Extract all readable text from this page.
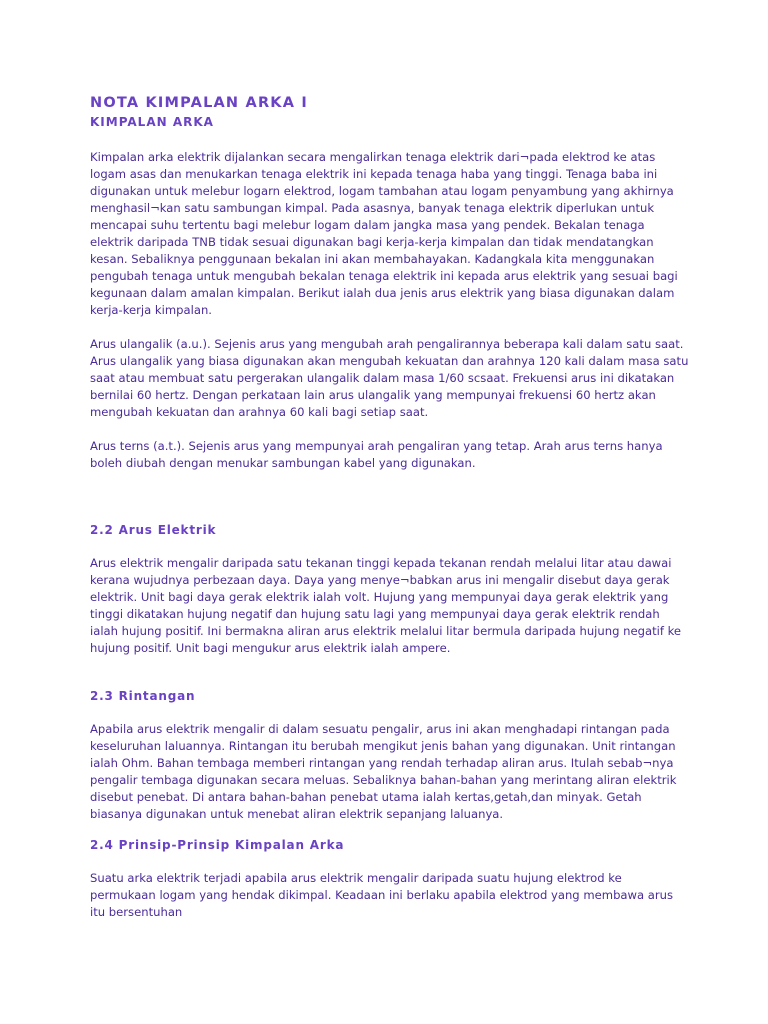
NOTA KIMPALAN ARKA I
KIMPALAN ARKA

Kimpalan arka elektrik dijalankan secara mengalirkan tenaga elektrik dari¬pada elektrod ke atas logam asas dan menukarkan tenaga elektrik ini kepada tenaga haba yang tinggi. Tenaga baba ini digunakan untuk melebur logarn elektrod, logam tambahan atau logam penyambung yang akhirnya menghasil¬kan satu sambungan kimpal. Pada asasnya, banyak tenaga elektrik diperlukan untuk mencapai suhu tertentu bagi melebur logam dalam jangka masa yang pendek. Bekalan tenaga elektrik daripada TNB tidak sesuai digunakan bagi kerja-kerja kimpalan dan tidak mendatangkan kesan. Sebaliknya penggunaan bekalan ini akan membahayakan. Kadangkala kita menggunakan pengubah tenaga untuk mengubah bekalan tenaga elektrik ini kepada arus elektrik yang sesuai bagi kegunaan dalam amalan kimpalan. Berikut ialah dua jenis arus elektrik yang biasa digunakan dalam kerja-kerja kimpalan.

Arus ulangalik (a.u.). Sejenis arus yang mengubah arah pengalirannya beberapa kali dalam satu saat. Arus ulangalik yang biasa digunakan akan mengubah kekuatan dan arahnya 120 kali dalam masa satu saat atau membuat satu pergerakan ulangalik dalam masa 1/60 scsaat. Frekuensi arus ini dikatakan bernilai 60 hertz. Dengan perkataan lain arus ulangalik yang mempunyai frekuensi 60 hertz akan mengubah kekuatan dan arahnya 60 kali bagi setiap saat.

Arus terns (a.t.). Sejenis arus yang mempunyai arah pengaliran yang tetap. Arah arus terns hanya boleh diubah dengan menukar sambungan kabel yang digunakan.

2.2 Arus Elektrik

Arus elektrik mengalir daripada satu tekanan tinggi kepada tekanan rendah melalui litar atau dawai kerana wujudnya perbezaan daya. Daya yang menye¬babkan arus ini mengalir disebut daya gerak elektrik. Unit bagi daya gerak elektrik ialah volt. Hujung yang mempunyai daya gerak elektrik yang tinggi dikatakan hujung negatif dan hujung satu lagi yang mempunyai daya gerak elektrik rendah ialah hujung positif. Ini bermakna aliran arus elektrik melalui litar bermula daripada hujung negatif ke hujung positif. Unit bagi mengukur arus elektrik ialah ampere.

2.3 Rintangan

Apabila arus elektrik mengalir di dalam sesuatu pengalir, arus ini akan menghadapi rintangan pada keseluruhan laluannya. Rintangan itu berubah mengikut jenis bahan yang digunakan. Unit rintangan ialah Ohm. Bahan tembaga memberi rintangan yang rendah terhadap aliran arus. Itulah sebab¬nya pengalir tembaga digunakan secara meluas. Sebaliknya bahan-bahan yang merintang aliran elektrik disebut penebat. Di antara bahan-bahan penebat utama ialah kertas,getah,dan minyak. Getah biasanya digunakan untuk menebat aliran elektrik sepanjang laluanya.

2.4 Prinsip-Prinsip Kimpalan Arka

Suatu arka elektrik terjadi apabila arus elektrik mengalir daripada suatu hujung elektrod ke permukaan logam yang hendak dikimpal. Keadaan ini berlaku apabila elektrod yang membawa arus itu bersentuhan
